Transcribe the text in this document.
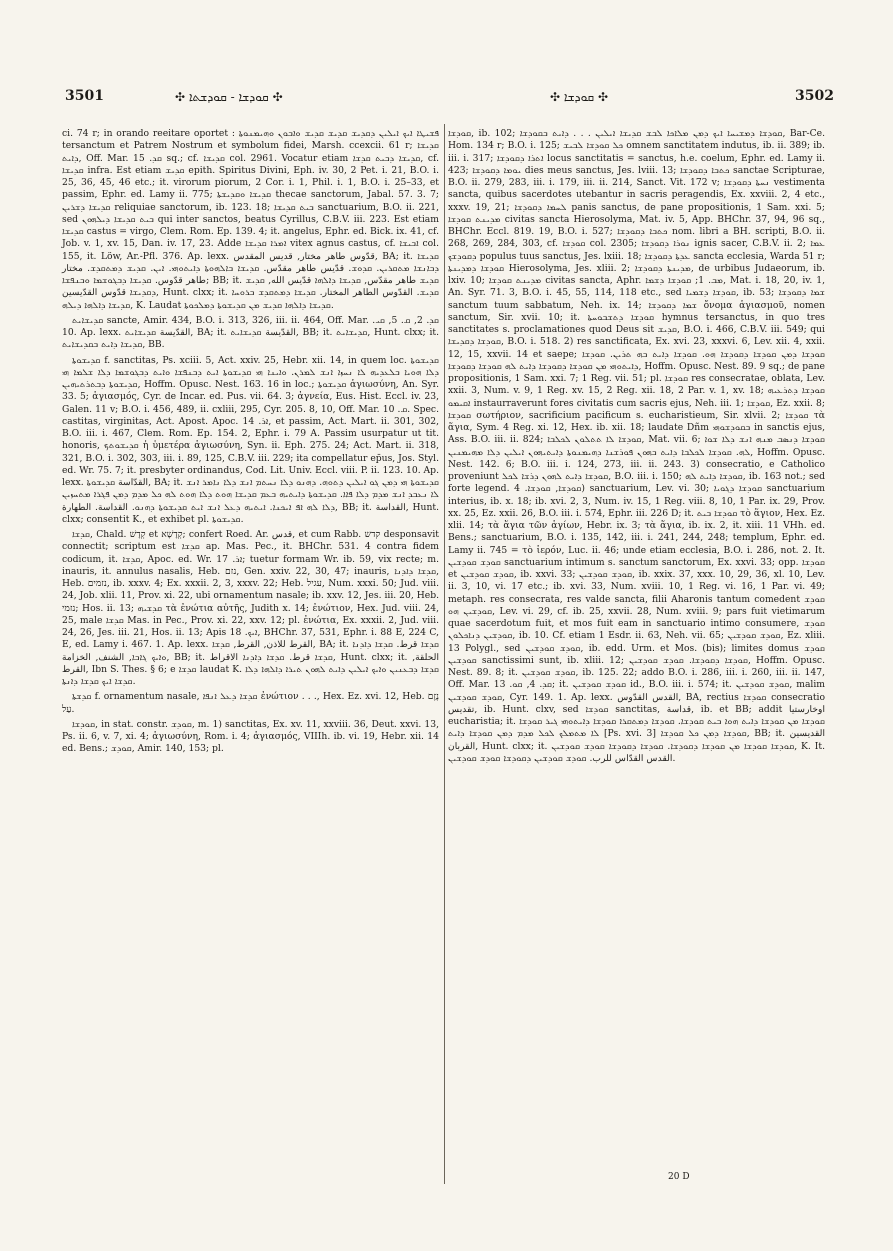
3501	✣ ܩܘܕܫܐ - ܩܘܕܫܬܐ ✣	✣ ܩܘܕܫܐ ✣	3502

ci. 74 r; in orando reeitare oportet : ܦܫܝܛܐ ܐܝܟ ܐܝܠܝܢ ܕܩܕܝܫ ܩܕܝܫ ܩܕܝܫ ܘܐܒܘܢ ܘܗܝܡܢܘܬܐ tersanctum et Patrem Nostrum et symbolum fidei, Marsh. ccexcii. 61 r; ܩܕܝܫܐ ܕܐܝܬ, Off. Mar. ܩܕ. 15 sq.; cf. ܩܕܝܫܐ col. 2961. Vocatur etiam ܩܕܝܫܐ ܕܒܝܬ ܩܕܫܐ, cf. ܩܕܝܫܐ infra. Est etiam ܩܕܝܫ epith. Spiritus Divini, Eph. iv. 30, 2 Pet. i. 21, B.O. i. 25, 36, 45, 46 etc.; it. virorum piorum, 2 Cor. i. 1, Phil. i. 1, B.O. i. 25–33, et passim, Ephr. ed. Lamy ii. 775; ܩܕܝܫܐ ܘܩܕܝܫܬܐ thecae sanctorum, Jabal. 57. 3. 7; ܩܕܝܫܐ ܕܫܪܝܢ reliquiae sanctorum, ib. 123. 18; ܒܝܬ ܩܕܝܫܐ sanctuarium, B.O. ii. 221, sed ܒܝܬ ܩܕܝܫܐ ܕܝܠܗܘܢ qui inter sanctos, beatus Cyrillus, C.B.V. iii. 223. Est etiam ܩܕܝܫܐ castus = virgo, Clem. Rom. Ep. 139. 4; it. angelus, Ephr. ed. Bick. ix. 41, cf. Job. v. 1, xv. 15, Dan. iv. 17, 23. Adde ܐܡܪܐ ܩܕܝܫܐ vitex agnus castus, cf. ܐܒܝܫܐ col. 155, it. Löw, Ar.-Pfl. 376. Ap. lexx. قدّوس طاهر مختار, قديس المقدس, BA; it. ܩܕܝܫܐ ܕܒܐܢܫܐ ܡܬܩܪܝܢ. ܩܕܘܫ. قدّيس طاهر مقدّس. ܩܕܝܫܐ ܒܐܠܗܘܬܐ ܕܐܝܬܘܗܝ. ܐܝܢ. ܩܕܝܫ ܕܡܬܩܕܫ. مختار طاهر قدّوس. ܩܕܝܫܐ ܕܒܓܘܫܡܐ ܘܒܢܦܫܐ; BB; it. ܩܕܝܫ طاهر مقدّس, ܩܕܝܫܐ ܕܐܠܗܐ قدّيس الله, ܩܕܝܫ ܕܩܕܝܫܐ قدّوس القدّيسين, Hunt. clxx; it. ܩܕܝܫ. القدّوس الطاهر المختار. ܩܕܝܫܐ ܕܡܬܩܕܫ ܒܪܘܚܐ ܩܕܝܫܐ ܕܐܠܗܐ ܕܝܠܗ, K. Laudat ܩܕܝܫܐ ܕܐܠܗܐ ܩܕܝܫ ܡܢ ܩܕܝܫܘܬܐ ܕܡܠܟܘܬܐ.

ܩܕܝܫܐܝܬ sancte, Amir. 434, B.O. i. 313, 326, iii. ii. 464, Off. Mar. ܩܕ. 2, ܩ. 5, ܩܝ. 10. Ap. lexx. القدّيسة ܩܕܝܫܐܝܬ, BA; it. القدّيسة ܩܕܝܫܐܝܬ, BB; it. ܩܕܝܫܐܝܬ, Hunt. clxx; it. ܩܕܝܫܐ ܕܐܝܬ ܒܩܕܝܫܐܝܬ, BB.

ܩܕܝܫܘܬܐ f. sanctitas, Ps. xciii. 5, Act. xxiv. 25, Hebr. xii. 14, in quem loc. ܩܕܝܫܘܬܐ ܕܠܐ ܗܘܝܐ ܒܠܥܕܝܗ ܠܐ ܢܚܙܐ ܐܢܫ ܠܡܪܢ. ܘܐܝܢܐ ܗܝ ܩܕܝܫܘܬܐ ܐܝܬ ܕܒܢܦܫܐ ܘܐܝܬ ܕܒܓܘܫܡܐ ܕܠܐ ܫܠܡܐ ܗܝ ܩܕܝܫܘܬܐ ܕܒܬܪܬܝܗܝܢ, Hoffm. Opusc. Nest. 163. 16 in loc.; ܩܕܝܫܘܬܐ ἁγιωσύνη, An. Syr. 33. 5; ἁγιασμός, Cyr. de Incar. ed. Pus. vii. 64. 3; ἁγνεία, Eus. Hist. Eccl. iv. 23, Galen. 11 v; B.O. i. 456, 489, ii. cxliii, 295, Cyr. 205. 8, 10, Off. Mar. ܩ. 10. Spec. castitas, virginitas, Act. Apost. Apoc. ܐܪ. 14, et passim, Act. Mart. ii. 301, 302, B.O. iii. i. 467, Clem. Rom. Ep. 154. 2, Ephr. i. 79 A. Passim usurpatur ut tit. honoris, ܩܕܝܫܘܬܟ ἡ ὑμετέρα ἁγιωσύνη, Syn. ii. Eph. 275. 24; Act. Mart. ii. 318, 321, B.O. i. 302, 303, iii. i. 89, 125, C.B.V. iii. 229; ita compellatur ep̄us, Jos. Styl. ed. Wr. 75. 7; it. presbyter ordinandus, Cod. Lit. Univ. Eccl. viii. P. ii. 123. 10. Ap. lexx. القدّاسة ܩܕܝܫܘܬܐ, BA; it. ܩܕܝܫܘܬܐ ܗܝ ܕܡܢ ܓܘ ܐܝܠܝܢ ܕܬܘܗ. ܕܗܢܘ ܕܠܐ ܢܚܬܡ ܐܢܫ ܕܠܐ ܢܐܡܪ ܐܢܫ ܠܐ ܢܥܒܕ ܐܢܫ ܡܕܡ ܕܠܐ ܦܐܐ. ܩܕܝܫܘܬܐ ܕܐܝܬܝܗ ܒܥܡ ܩܕܝܫܐ ܗܘܬ ܕܠܐ ܗܘܬ ܠܗ ܟܠ ܡܕܡ ܕܡܢ ܦܓܪܐ ܡܬܚܙܝܢ ܕܠܐ ܠܗ ܐܦ ܐܝܟܢܐ. ܐܝܬܝܗ ܕܥܠ ܐܢܫ ܐܝܬ ܩܕܝܫܘܬܐ ܕܗܢܘ. القداسة. الطهارة, BB; it. القداسة, Hunt. clxx; consentit K., et exhibet pl. ܩܕܝܫܘܬܐ.

ܩܕܫܐ, Chald. קְדָשׁ et קְדָשָׁא; confert Roed. Ar. قدس, et cum Rabb. קדש desponsavit connectit; scriptum est ܩܕܫܐ ap. Mas. Pec., it. BHChr. 531. 4 contra fidem codicum, it. ܩܕܫܐ, Apoc. ed. Wr. ܐܪ. 17; tuetur formam Wr. ib. 59, vix recte; m. inauris, it. annulus nasalis, Heb. נזם, Gen. xxiv. 22, 30, 47; inauris, ܩܕܫܐ ܕܐܕܢܐ, Heb. נזמים, ib. xxxv. 4; Ex. xxxii. 2, 3, xxxv. 22; Heb. עגיל, Num. xxxi. 50; Jud. viii. 24, Job. xlii. 11, Prov. xi. 22, ubi ornamentum nasale; ib. xxv. 12, Jes. iii. 20, Heb. נזמי; Hos. ii. 13; ܩܕܫܝܗ τὰ ἐνώτια αὐτῆς, Judith x. 14; ἐνώτιον, Hex. Jud. viii. 24, 25, male ܩܕܫܐ Mas. in Pec., Prov. xi. 22, xxv. 12; pl. ἐνώτια, Ex. xxxii. 2, Jud. viii. 24, 26, Jes. iii. 21, Hos. ii. 13; Apis ܐܝܟ. 18, BHChr. 37, 531, Ephr. i. 88 E, 224 C, E, ed. Lamy i. 467. 1. Ap. lexx. القرط للاذن, القرط, ܩܕܫܐ, BA; it. ܩܕܫܐ قرط. ܩܕܫܐ ܕܐܕܢܐ ܘܐܝܟ ܓܐܒܐ, الشنف, الخزامة, BB; it. ܩܕܫܐ قرط. ܩܕܫܐ ܕܐܕܢܐ الاقراط, Hunt. clxx; it. الحلقة, القرط, Ibn S. Thes. § 6; e ܩܕܫܐ laudat K. ܩܕܫܐ ܕܒܥܢܝܢ ܘܐܝܟ ܐܝܠܝܢ ܕܐܝܬ ܠܗܘܢ ܬܝܪܐ ܕܐܠܗܐ ܕܠܐ ܩܕܫܐ ܐܝܟ ܩܕܫܐ ܕܐܢܬܐ.

ܩܕܫܬܐ f. ornamentum nasale, ܩܕܫܐ ܕܥܠ ܐܢܦܐ ἐνώτιον . . ., Hex. Ez. xvi. 12, Heb. נֶזֶם עַל.

ܩܘܕܫܐ, in stat. constr. ܩܘܕܫ, m. 1) sanctitas, Ex. xv. 11, xxviii. 36, Deut. xxvi. 13, Ps. ii. 6, v. 7, xi. 4; ἁγιωσύνη, Rom. i. 4; ἁγιασμός, VIIIh. ib. vi. 19, Hebr. xii. 14 ed. Bens.; ܩܘܕܫ, Amir. 140, 153; pl.

ܩܘܕܫܐ, ib. 102; ܩܘܕܫܐ ܕܡܫܝܚܐ ܐܝܟ ܕܡܢ ܡܠܐܟܐ ܠܒܫ ܩܕܝܫܐ ܐܝܠܝܢ . . . ܕܐܝܬ ܒܩܘܕܫܐ, Bar-Ce. Hom. 134 r; B.O. i. 125; ܟܠ ܩܘܕܫܐ ܠܒܝܫ omnem sanctitatem indutus, ib. ii. 389; ib. iii. i. 317; ܐܬܪܐ ܕܩܘܕܫܐ locus sanctitatis = sanctus, h.e. coelum, Ephr. ed. Lamy ii. 423; ܝܘܡܐ ܕܩܘܕܫܐ dies meus sanctus, Jes. lviii. 13; ܟܬܒܐ ܕܩܘܕܫܐ sanctae Scripturae, B.O. ii. 279, 283, iii. i. 179, iii. ii. 214, Sanct. Vit. 172 v; ܢܚܬܐ ܕܩܘܕܫܐ vestimenta sancta, quibus sacerdotes utebantur in sacris peragendis, Ex. xxviii. 2, 4 etc., xxxv. 19, 21; ܠܚܡܐ ܕܩܘܕܫܐ panis sanctus, de pane propositionis, 1 Sam. xxi. 5; ܡܕܝܢܬ ܩܘܕܫܐ civitas sancta Hierosolyma, Mat. iv. 5, App. BHChr. 37, 94, 96 sq., BHChr. Eccl. 819. 19, B.O. i. 527; ܟܬܒܐ ܕܩܘܕܫܐ nom. libri a BH. scripti, B.O. ii. 268, 269, 284, 303, cf. ܩܘܕܫܐ col. 2305; ܢܘܪܐ ܕܩܘܕܫܐ ignis sacer, C.B.V. ii. 2; ܥܡܐ ܕܩܘܕܫܟ populus tuus sanctus, Jes. lxiii. 18; ܥܕܬܐ ܕܩܘܕܫܐ sancta ecclesia, Warda 51 r; ܩܘܕܫܐ ܕܡܕܝܢܬܐ Hierosolyma, Jes. xliii. 2; ܡܕܝܢܬܐ ܕܩܘܕܫܐ, de urbibus Judaeorum, ib. lxiv. 10; ܡܕܝܢܬ ܩܘܕܫܐ civitas sancta, Aphr. ܡܒ. 1; ܩܘܕܫܐ ܕܫܡܐ, Mat. i. 18, 20, iv. 1, An. Syr. 71. 3, B.O. i. 45, 55, 114, 118 etc., sed ܩܘܕܫܐ ܕܫܡܝܐ, ib. 53; ܫܡܐ ܕܩܘܕܫܐ sanctum tuum sabbatum, Neh. ix. 14; ܫܡܐ ܕܩܘܕܫܐ ὄνομα ἁγιασμοῦ, nomen sanctum, Sir. xvii. 10; it. ܩܘܕܫܐ ܕܬܫܒܘܚܬܐ hymnus tersanctus, in quo tres sanctitates s. proclamationes quod Deus sit ܩܕܝܫ, B.O. i. 466, C.B.V. iii. 549; qui ܩܘܕܫܐ ܕܩܕܝܫܐ, B.O. i. 518. 2) res sanctificata, Ex. xvi. 23, xxxvi. 6, Lev. xii. 4, xxii. 12, 15, xxvii. 14 et saepe; ܩܘܕܫܐ ܕܡܢ ܩܘܕܫܐ ܕܩܘܕܫܐ ܗܘ. ܩܘܕܫܐ ܕܐܝܬ ܒܗ ܬܪܝܢ. ܩܘܕܫܐ ܕܐܝܬܘܗܝ ܡܢ ܩܘܕܫܐ ܕܩܘܕܫܐ ܕܐܝܬ ܠܗ ܩܘܕܫܐ ܕܩܘܕܫܐ, Hoffm. Opusc. Nest. 89. 9 sq.; de pane propositionis, 1 Sam. xxi. 7; 1 Reg. vii. 51; pl. ܩܘܕܫܐ res consecratae, oblata, Lev. xxii. 3, Num. v. 9, 1 Reg. xv. 15, 2 Reg. xii. 18, 2 Par. v. 1, xv. 18; ܩܘܕܫܐ ܕܬܪܥܝܗ ܐܩܝܡܘ instaurraverunt fores civitatis cum sacris ejus, Neh. iii. 1; ܩܘܕܫܐ, Ez. xxii. 8; ܩܘܕܫܐ σωτήριον, sacrificium pacificum s. eucharistieum, Sir. xlvii. 2; ܩܘܕܫܐ τὰ ἅγια, Sym. 4 Reg. xi. 12, Hex. ib. xii. 18; laudate Dñm ܒܩܘܕܫܘܗܝ in sanctis ejus, Ass. B.O. iii. ii. 824; ܩܘܕܫܐ ܠܐ ܬܬܠܘܢ ܠܟܠܒܐ, Mat. vii. 6; ܩܘܕܫܐ ܕܢܣܒ ܡܢܗ ܐܢܫ ܕܠܐ ܫܘܐ ܠܗ. ܩܘܕܫܐ ܠܟܠܒܐ ܕܐܝܬ ܒܗܘܢ ܦܘܪܫܢܐ ܕܗܝܡܢܘܬܐ ܕܐܝܬܝܗܘܢ ܐܝܠܝܢ ܕܠܐ ܡܗܝܡܢܝܢ, Hoffm. Opusc. Nest. 142. 6; B.O. iii. i. 124, 273, iii. ii. 243. 3) consecratio, e Catholico proveniunt ܩܘܕܫܐ ܕܐܝܬ ܠܗܘܢ ܕܪܫܐ ܠܟܠ, B.O. iii. i. 150; ܩܘܕܫܐ ܕܐܝܬ ܠܗ, ib. 163 not.; sed forte legend. ܩܘܕܫܐ, ܩܘܕܫܐ. 4) sanctuarium, Lev. vi. 30; ܩܘܕܫܐ ܕܓܘܝܐ sanctuarium interius, ib. x. 18; ib. xvi. 2, 3, Num. iv. 15, 1 Reg. viii. 8, 10, 1 Par. ix. 29, Prov. xx. 25, Ez. xxii. 26, B.O. iii. i. 574, Ephr. iii. 226 D; it. ܩܘܕܫܐ ܒܝܬ τὸ ἅγιον, Hex. Ez. xlii. 14; τὰ ἅγια τῶν ἁγίων, Hebr. ix. 3; τὰ ἅγια, ib. ix. 2, it. xiii. 11 VHh. ed. Bens.; sanctuarium, B.O. i. 135, 142, iii. i. 241, 244, 248; templum, Ephr. ed. Lamy ii. 745 = τὸ ἱερόν, Luc. ii. 46; unde etiam ecclesia, B.O. i. 286, not. 2. It. ܩܘܕܫ ܩܘܕܫܝܢ sanctuarium intimum s. sanctum sanctorum, Ex. xxvi. 33; opp. ܩܘܕܫܐ et ܩܘܕܫ ܩܘܕܫܝܢ, ib. xxvi. 33; ܩܘܕܫ ܩܘܕܫܝܢ, ib. xxix. 37, xxx. 10, 29, 36, xl. 10, Lev. ii. 3, 10, vi. 17 etc.; ib. xvi. 33, Num. xviii. 10, 1 Reg. vi. 16, 1 Par. vi. 49; metaph. res consecrata, res valde sancta, filii Aharonis tantum comedent ܩܘܕܫ ܩܘܕܫܝܢ ܗܘ, Lev. vi. 29, cf. ib. 25, xxvii. 28, Num. xviii. 9; pars fuit vietimarum quae sacerdotum fuit, et mos fuit eam in sanctuario intimo consumere, ܩܘܕܫ ܩܘܕܫܝܢ ܕܢܐܟܠܘܢ, ib. 10. Cf. etiam 1 Esdr. ii. 63, Neh. vii. 65; ܩܘܕܫ ܩܘܕܫܝܢ, Ez. xliii. 13 Polygl., sed ܩܘܕܫ ܩܘܕܫܝܢ, ib. edd. Urm. et Mos. (bis); limites domus ܩܘܕܫ ܩܘܕܫܝܢ sanctissimi sunt, ib. xliii. 12; ܩܘܕܫܐ ܕܩܘܕܫܐ. ܩܘܕܫ ܩܘܕܫܝܢ, Hoffm. Opusc. Nest. 89. 8; it. ܩܘܕܫ ܩܘܕܫܝܢ, ib. 125. 22; addo B.O. i. 286, iii. i. 260, iii. ii. 147, Off. Mar. ܩܕ. 4, ܩܘ. 13; it. ܩܘܕܫ ܩܘܕܫܝܢ id., B.O. iii. i. 574; it. ܩܘܕܫ ܩܘܕܫܝܢ, malim ܩܘܕܫ ܩܘܕܫܝܢ, Cyr. 149. 1. Ap. lexx. القدس القدّوس, BA, rectius ܩܘܕܫܐ consecratio تقديس, ib. Hunt. clxv, sed ܩܘܕܫܐ sanctitas, قداسة, ib. et BB; addit اوخارستيا eucharistia; it. ܩܘܕܫܐ ܡܢ ܩܘܕܫܐ ܕܐܝܬ ܗܘܐ ܒܝܬ ܩܘܕܫܐ. ܩܘܕܫܐ ܕܡܬܩܪܐ ܩܘܕܫܐ ܕܐܝܬܘܗܝ ܓܝܪ ܩܘܕܫܐ ܠܐ ܡܬܡܠܟ ܠܟܠ ܡܕܡ ܕܡܢ ܩܘܕܫܐ ܕܐܝܬ [Ps. xvi. 3] ܩܘܕܫܐ ܕܡܢ ܟܠ ܩܘܕܫܐ, BB; it. القديسين القربان, Hunt. clxx; it. ܩܘܕܫܐ ܩܘܕܫܐ ܡܢ ܩܘܕܫܐ ܕܩܘܕܫܐ. ܩܘܕܫܐ ܕܩܘܕܫܐ ܩܘܕܫ ܩܘܕܫܝܢ, K. It. القدس القدّاس للرب. ܩܘܕܫ ܩܘܕܫܝܢ ܕܩܘܕܫܐ ܩܘܕܫ ܩܘܕܫܝܢ.

20 D
